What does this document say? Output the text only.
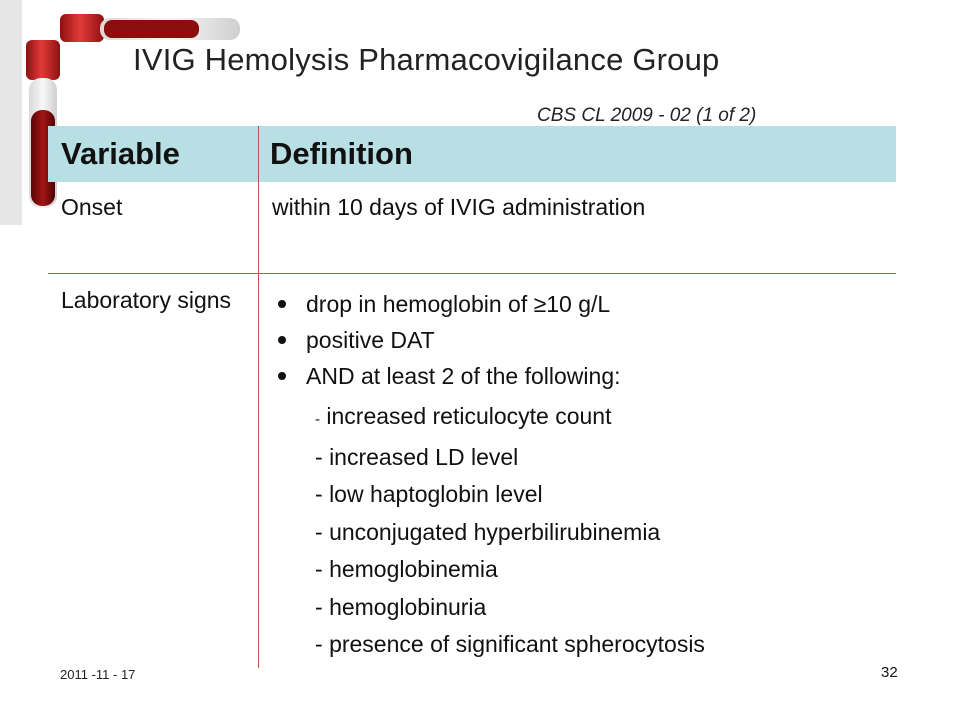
IVIG Hemolysis Pharmacovigilance Group
CBS CL 2009 - 02 (1 of 2)
Variable	Definition
Onset	within 10 days of IVIG administration
Laboratory signs	drop in hemoglobin of ≥10 g/L
positive DAT
AND at least 2 of the following:
- increased reticulocyte count
- increased LD level
- low haptoglobin level
- unconjugated hyperbilirubinemia
- hemoglobinemia
- hemoglobinuria
- presence of significant spherocytosis
2011 -11 - 17	32
